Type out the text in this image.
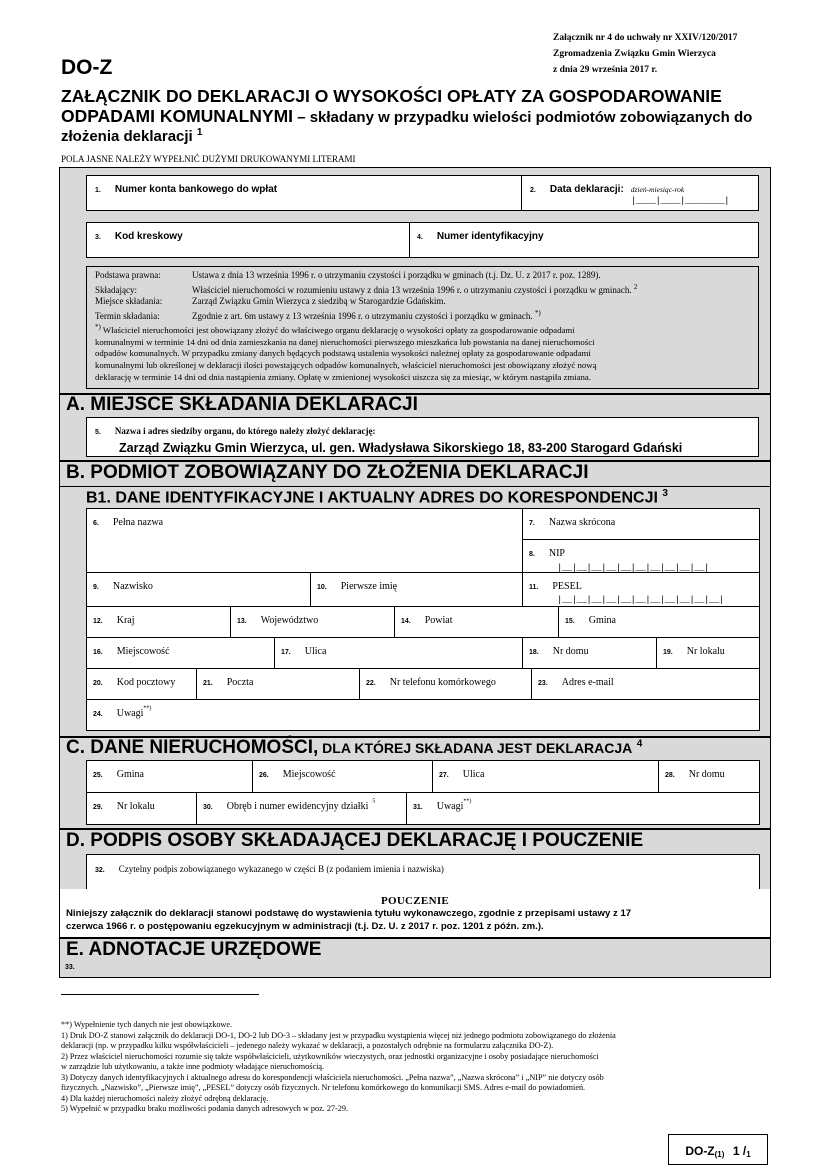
Załącznik nr 4 do uchwały nr XXIV/120/2017
Zgromadzenia Związku Gmin Wierzyca
z dnia 29 września 2017 r.
DO-Z
ZAŁĄCZNIK DO DEKLARACJI O WYSOKOŚCI OPŁATY ZA GOSPODAROWANIE
ODPADAMI KOMUNALNYMI – składany w przypadku wielości podmiotów zobowiązanych do
złożenia deklaracji $^1$
POLA JASNE NALEŻY WYPEŁNIĆ DUŻYMI DRUKOWANYMI LITERAMI
1. Numer konta bankowego do wpłat	2. Data deklaracji: dzień-miesiąc-rok
|____|____|________|
3. Kod kreskowy	4. Numer identyfikacyjny
Podstawa prawna:	Ustawa z dnia 13 września 1996 r. o utrzymaniu czystości i porządku w gminach (t.j. Dz. U. z 2017 r. poz. 1289).
Składający:	Właściciel nieruchomości w rozumieniu ustawy z dnia 13 września 1996 r. o utrzymaniu czystości i porządku w gminach. $^2$
Miejsce składania:	Zarząd Związku Gmin Wierzyca z siedzibą w Starogardzie Gdańskim.
Termin składania:	Zgodnie z art. 6m ustawy z 13 września 1996 r. o utrzymaniu czystości i porządku w gminach. *)
*) Właściciel nieruchomości jest obowiązany złożyć do właściwego organu deklarację o wysokości opłaty za gospodarowanie odpadami
komunalnymi w terminie 14 dni od dnia zamieszkania na danej nieruchomości pierwszego mieszkańca lub powstania na danej nieruchomości
odpadów komunalnych. W przypadku zmiany danych będących podstawą ustalenia wysokości należnej opłaty za gospodarowanie odpadami
komunalnymi lub określonej w deklaracji ilości powstających odpadów komunalnych, właściciel nieruchomości jest obowiązany złożyć nową
deklarację w terminie 14 dni od dnia nastąpienia zmiany. Opłatę w zmienionej wysokości uiszcza się za miesiąc, w którym nastąpiła zmiana.
A. MIEJSCE SKŁADANIA DEKLARACJI
5. Nazwa i adres siedziby organu, do którego należy złożyć deklarację:
Zarząd Związku Gmin Wierzyca, ul. gen. Władysława Sikorskiego 18, 83-200 Starogard Gdański
B. PODMIOT ZOBOWIĄZANY DO ZŁOŻENIA DEKLARACJI
B1. DANE IDENTYFIKACYJNE I AKTUALNY ADRES DO KORESPONDENCJI $^3$
6. Pełna nazwa	7. Nazwa skrócona
8. NIP
|__|__|__|__|__|__|__|__|__|__|
9. Nazwisko	10. Pierwsze imię	11. PESEL
|__|__|__|__|__|__|__|__|__|__|__|
12. Kraj	13. Województwo	14. Powiat	15. Gmina
16. Miejscowość	17. Ulica	18. Nr domu	19. Nr lokalu
20. Kod pocztowy	21. Poczta	22. Nr telefonu komórkowego	23. Adres e-mail
24. Uwagi**)
C. DANE NIERUCHOMOŚCI, DLA KTÓREJ SKŁADANA JEST DEKLARACJA $^4$
25. Gmina	26. Miejscowość	27. Ulica	28. Nr domu
29. Nr lokalu	30. Obręb i numer ewidencyjny działki $^5$
31. Uwagi**)
D. PODPIS OSOBY SKŁADAJĄCEJ DEKLARACJĘ I POUCZENIE
32. Czytelny podpis zobowiązanego wykazanego w części B (z podaniem imienia i nazwiska)
POUCZENIE
Niniejszy załącznik do deklaracji stanowi podstawę do wystawienia tytułu wykonawczego, zgodnie z przepisami ustawy z 17
czerwca 1966 r. o postępowaniu egzekucyjnym w administracji (t.j. Dz. U. z 2017 r. poz. 1201 z późn. zm.).
E. ADNOTACJE URZĘDOWE
33.
**) Wypełnienie tych danych nie jest obowiązkowe.
1) Druk DO-Z stanowi załącznik do deklaracji DO-1, DO-2 lub DO-3 – składany jest w przypadku wystąpienia więcej niż jednego podmiotu zobowiązanego do złożenia
deklaracji (np. w przypadku kilku współwłaścicieli – jedenego należy wykazać w deklaracji, a pozostałych odrębnie na formularzu załącznika DO-Z).
2) Przez właściciel nieruchomości rozumie się także współwłaścicieli, użytkowników wieczystych, oraz jednostki organizacyjne i osoby posiadające nieruchomości
w zarządzie lub użytkowaniu, a także inne podmioty władające nieruchomością.
3) Dotyczy danych identyfikacyjnych i aktualnego adresu do korespondencji właściciela nieruchomości. „Pełna nazwa”, „Nazwa skrócona” i „NIP” nie dotyczy osób
fizycznych. „Nazwisko”, „Pierwsze imię”, „PESEL” dotyczy osób fizycznych. Nr telefonu komórkowego do komunikacji SMS. Adres e-mail do powiadomień.
4) Dla każdej nieruchomości należy złożyć odrębną deklarację.
5) Wypełnić w przypadku braku możliwości podania danych adresowych w poz. 27-29.
DO-Z(1) 1 /1
